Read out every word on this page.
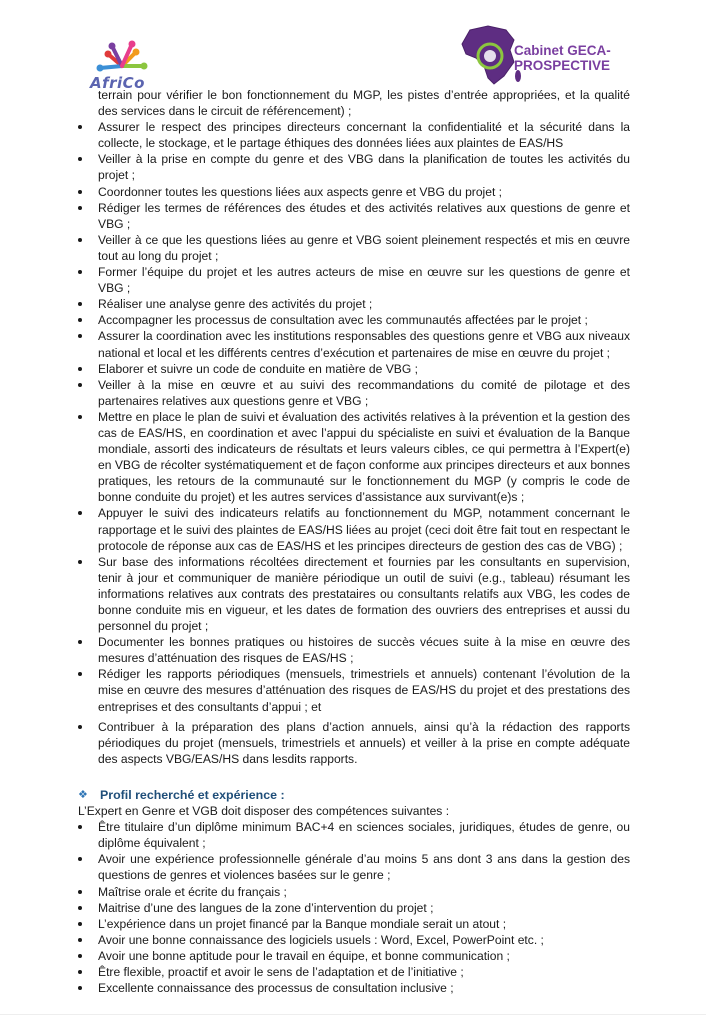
AfriCo
Cabinet GECA-PROSPECTIVE

terrain pour vérifier le bon fonctionnement du MGP, les pistes d’entrée appropriées, et la qualité des services dans le circuit de référencement) ;

Assurer le respect des principes directeurs concernant la confidentialité et la sécurité dans la collecte, le stockage, et le partage éthiques des données liées aux plaintes de EAS/HS
Veiller à la prise en compte du genre et des VBG dans la planification de toutes les activités du projet ;
Coordonner toutes les questions liées aux aspects genre et VBG du projet ;
Rédiger les termes de références des études et des activités relatives aux questions de genre et VBG ;
Veiller à ce que les questions liées au genre et VBG soient pleinement respectés et mis en œuvre tout au long du projet ;
Former l’équipe du projet et les autres acteurs de mise en œuvre sur les questions de genre et VBG ;
Réaliser une analyse genre des activités du projet ;
Accompagner les processus de consultation avec les communautés affectées par le projet ;
Assurer la coordination avec les institutions responsables des questions genre et VBG aux niveaux national et local et les différents centres d’exécution et partenaires de mise en œuvre du projet ;
Elaborer et suivre un code de conduite en matière de VBG ;
Veiller à la mise en œuvre et au suivi des recommandations du comité de pilotage et des partenaires relatives aux questions genre et VBG ;
Mettre en place le plan de suivi et évaluation des activités relatives à la prévention et la gestion des cas de EAS/HS, en coordination et avec l’appui du spécialiste en suivi et évaluation de la Banque mondiale, assorti des indicateurs de résultats et leurs valeurs cibles, ce qui permettra à l’Expert(e) en VBG de récolter systématiquement et de façon conforme aux principes directeurs et aux bonnes pratiques, les retours de la communauté sur le fonctionnement du MGP (y compris le code de bonne conduite du projet) et les autres services d’assistance aux survivant(e)s ;
Appuyer le suivi des indicateurs relatifs au fonctionnement du MGP, notamment concernant le rapportage et le suivi des plaintes de EAS/HS liées au projet (ceci doit être fait tout en respectant le protocole de réponse aux cas de EAS/HS et les principes directeurs de gestion des cas de VBG) ;
Sur base des informations récoltées directement et fournies par les consultants en supervision, tenir à jour et communiquer de manière périodique un outil de suivi (e.g., tableau) résumant les informations relatives aux contrats des prestataires ou consultants relatifs aux VBG, les codes de bonne conduite mis en vigueur, et les dates de formation des ouvriers des entreprises et aussi du personnel du projet ;
Documenter les bonnes pratiques ou histoires de succès vécues suite à la mise en œuvre des mesures d’atténuation des risques de EAS/HS ;
Rédiger les rapports périodiques (mensuels, trimestriels et annuels) contenant l’évolution de la mise en œuvre des mesures d’atténuation des risques de EAS/HS du projet et des prestations des entreprises et des consultants d’appui ; et
Contribuer à la préparation des plans d’action annuels, ainsi qu’à la rédaction des rapports périodiques du projet (mensuels, trimestriels et annuels) et veiller à la prise en compte adéquate des aspects VBG/EAS/HS dans lesdits rapports.
❖ Profil recherché et expérience :

L’Expert en Genre et VGB doit disposer des compétences suivantes :

Être titulaire d’un diplôme minimum BAC+4 en sciences sociales, juridiques, études de genre, ou diplôme équivalent ;
Avoir une expérience professionnelle générale d’au moins 5 ans dont 3 ans dans la gestion des questions de genres et violences basées sur le genre ;
Maîtrise orale et écrite du français ;
Maitrise d’une des langues de la zone d’intervention du projet ;
L’expérience dans un projet financé par la Banque mondiale serait un atout ;
Avoir une bonne connaissance des logiciels usuels : Word, Excel, PowerPoint etc. ;
Avoir une bonne aptitude pour le travail en équipe, et bonne communication ;
Être flexible, proactif et avoir le sens de l’adaptation et de l’initiative ;
Excellente connaissance des processus de consultation inclusive ;
